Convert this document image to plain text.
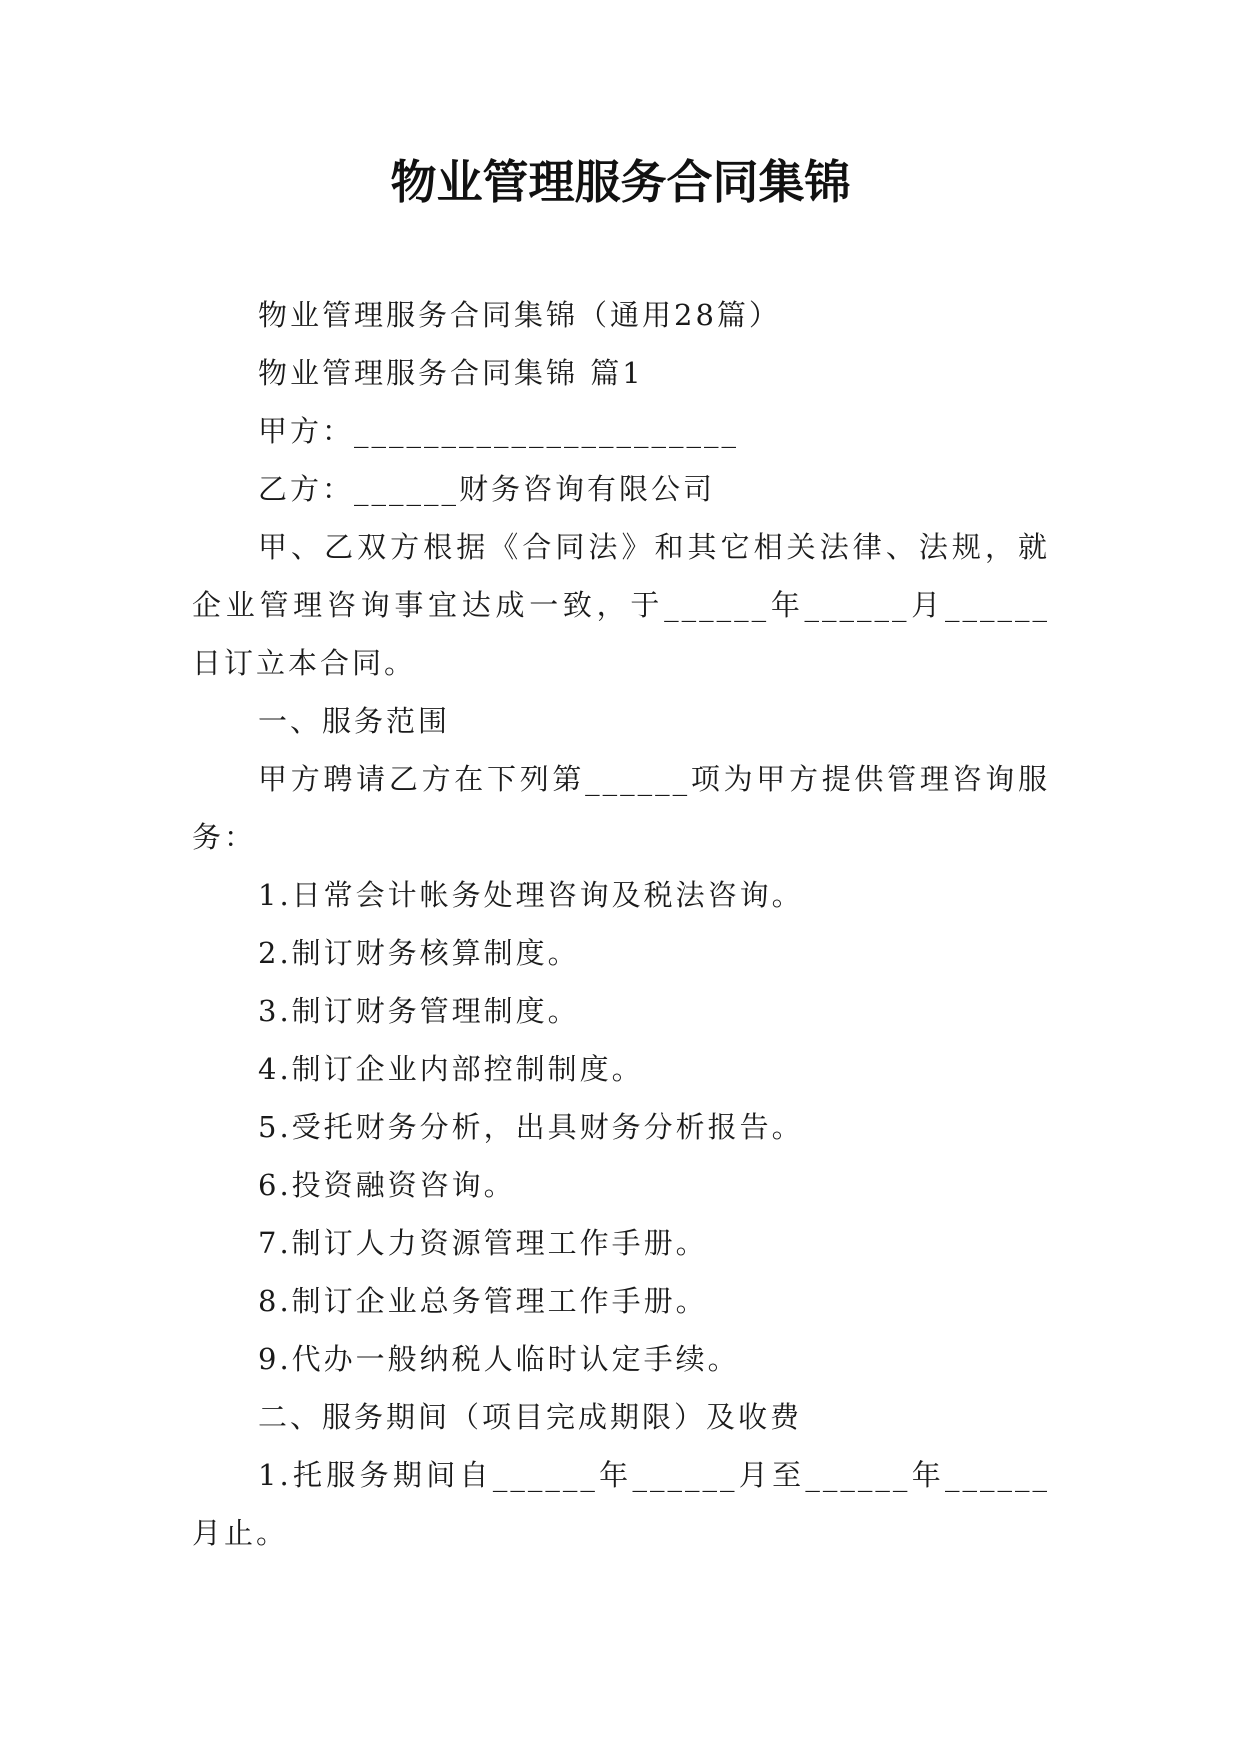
物业管理服务合同集锦

物业管理服务合同集锦（通用28篇）

物业管理服务合同集锦 篇1

甲方：______________________

乙方：______财务咨询有限公司

甲、乙双方根据《合同法》和其它相关法律、法规，就企业管理咨询事宜达成一致，于______年______月______日订立本合同。

一、服务范围

甲方聘请乙方在下列第______项为甲方提供管理咨询服务：

1.日常会计帐务处理咨询及税法咨询。

2.制订财务核算制度。

3.制订财务管理制度。

4.制订企业内部控制制度。

5.受托财务分析，出具财务分析报告。

6.投资融资咨询。

7.制订人力资源管理工作手册。

8.制订企业总务管理工作手册。

9.代办一般纳税人临时认定手续。

二、服务期间（项目完成期限）及收费

1.托服务期间自______年______月至______年______月止。
